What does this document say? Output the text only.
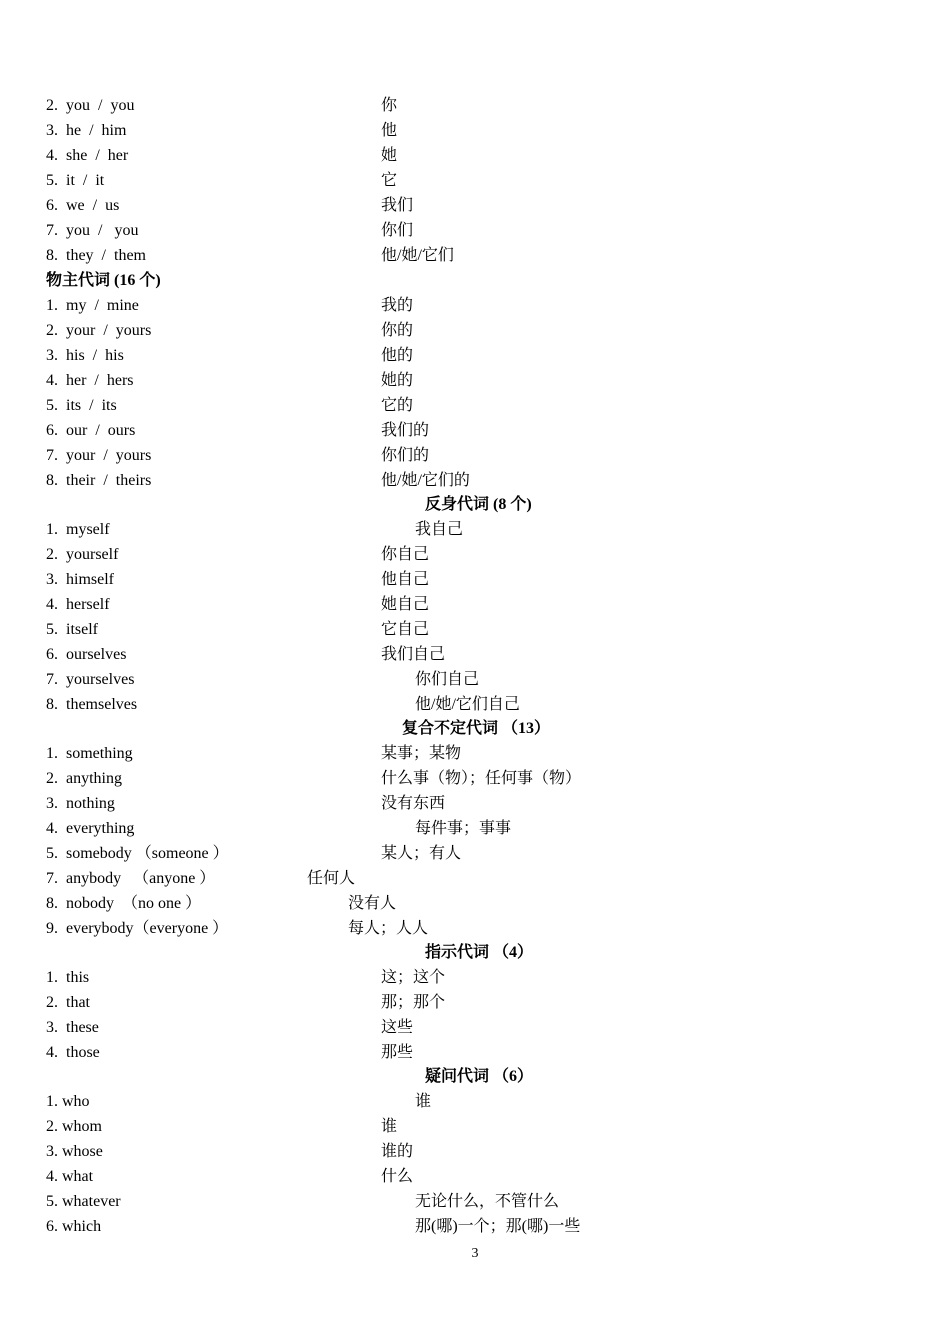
2.  you  /  you	你
3.  he  /  him	他
4.  she  /  her	她
5.  it  /  it	它
6.  we  /  us	我们
7.  you  /   you	你们
8.  they  /  them	他/她/它们
物主代词 (16 个)
1.  my  /  mine	我的
2.  your  /  yours	你的
3.  his  /  his	他的
4.  her  /  hers	她的
5.  its  /  its	它的
6.  our  /  ours	我们的
7.  your  /  yours	你们的
8.  their  /  theirs	他/她/它们的
反身代词 (8 个)
1.  myself	我自己
2.  yourself	你自己
3.  himself	他自己
4.  herself	她自己
5.  itself	它自己
6.  ourselves	我们自己
7.  yourselves	你们自己
8.  themselves	他/她/它们自己
复合不定代词 （13）
1.  something	某事；某物
2.  anything	什么事（物）；任何事（物）
3.  nothing	没有东西
4.  everything	每件事；事事
5.  somebody （someone ）	某人；有人
7.  anybody   （anyone ）	任何人
8.  nobody  （no one ）	没有人
9.  everybody（everyone ）	每人；人人
指示代词 （4）
1.  this	这；这个
2.  that	那；那个
3.  these	这些
4.  those	那些
疑问代词 （6）
1. who	谁
2. whom	谁
3. whose	谁的
4. what	什么
5. whatever	无论什么，不管什么
6. which	那(哪)一个；那(哪)一些
3
